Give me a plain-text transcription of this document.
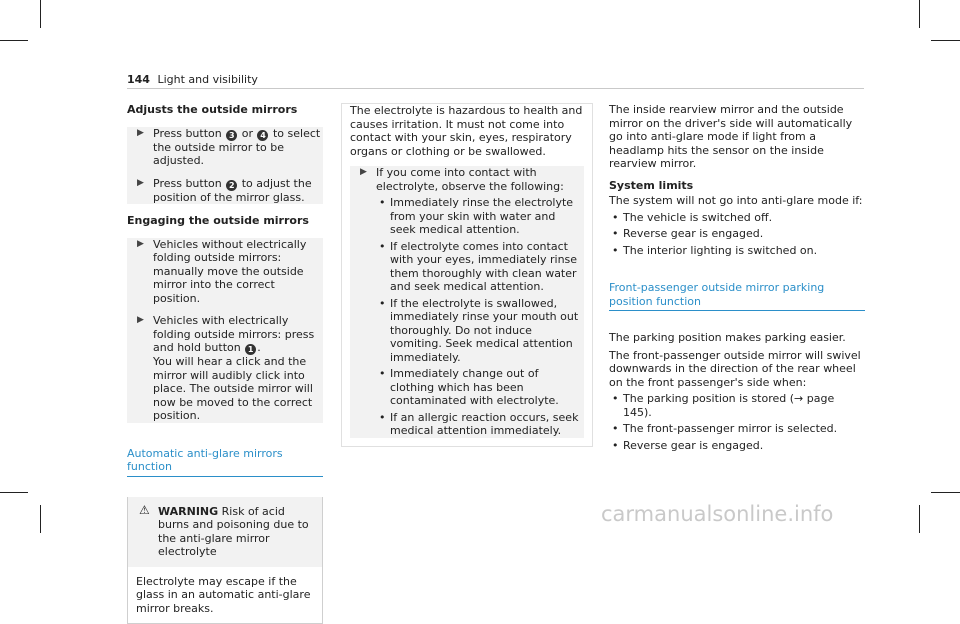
144 Light and visibility
Adjusts the outside mirrors
▶ Press button 3 or 4 to select the outside mirror to be adjusted.
▶ Press button 2 to adjust the position of the mirror glass.
Engaging the outside mirrors
▶ Vehicles without electrically folding outside mirrors: manually move the outside mirror into the correct position.
▶ Vehicles with electrically folding outside mirrors: press and hold button 1 .
You will hear a click and the mirror will audibly click into place. The outside mirror will now be moved to the correct position.
Automatic anti-glare mirrors function
⚠ WARNING Risk of acid burns and poisoning due to the anti-glare mirror electrolyte
Electrolyte may escape if the glass in an automatic anti-glare mirror breaks.
The electrolyte is hazardous to health and causes irritation. It must not come into contact with your skin, eyes, respiratory organs or clothing or be swallowed.
▶ If you come into contact with electrolyte, observe the following:
• Immediately rinse the electrolyte from your skin with water and seek medical attention.
• If electrolyte comes into contact with your eyes, immediately rinse them thoroughly with clean water and seek medical attention.
• If the electrolyte is swallowed, immediately rinse your mouth out thoroughly. Do not induce vomiting. Seek medical attention immediately.
• Immediately change out of clothing which has been contaminated with electrolyte.
• If an allergic reaction occurs, seek medical attention immediately.
The inside rearview mirror and the outside mirror on the driver's side will automatically go into anti-glare mode if light from a headlamp hits the sensor on the inside rearview mirror.
System limits
The system will not go into anti-glare mode if:
• The vehicle is switched off.
• Reverse gear is engaged.
• The interior lighting is switched on.
Front-passenger outside mirror parking position function
The parking position makes parking easier.
The front-passenger outside mirror will swivel downwards in the direction of the rear wheel on the front passenger's side when:
• The parking position is stored (→ page 145).
• The front-passenger mirror is selected.
• Reverse gear is engaged.
carmanualsonline.info
